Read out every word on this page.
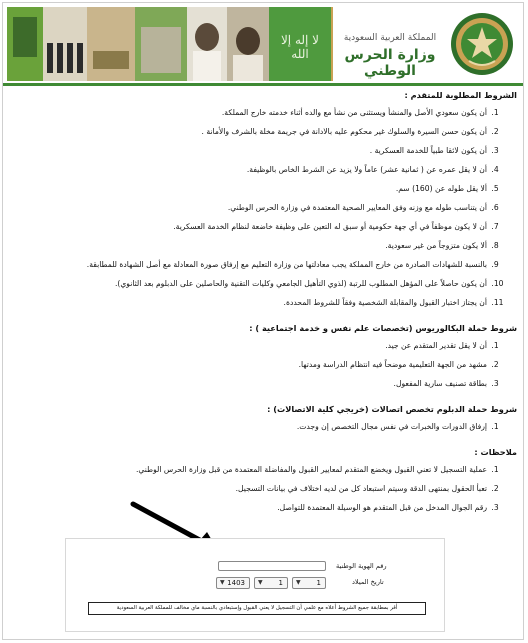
لا إله إلا الله
المملكة العربية السعودية
وزارة الحرس الوطني
الشروط المطلوبة للمتقدم :
1. أن يكون سعودي الأصل والمنشأ ويستثنى من نشأ مع والده أثناء خدمته خارج المملكة.
2. أن يكون حسن السيرة والسلوك غير محكوم عليه بالادانة في جريمة مخلة بالشرف والأمانة .
3. أن يكون لائقا طبياً للخدمة العسكرية .
4. أن لا يقل عمره عن ( ثمانية عشر) عاماً ولا يزيد عن الشرط الخاص بالوظيفة.
5. ألا يقل طوله عن (160) سم.
6. أن يتناسب طوله مع وزنه وفق المعايير الصحية المعتمدة في وزارة الحرس الوطني.
7. أن لا يكون موظفاً في أي جهة حكومية أو سبق له التعين على وظيفة خاضعة لنظام الخدمة العسكرية.
8. ألا يكون متزوجاً من غير سعودية.
9. بالنسبة للشهادات الصادرة من خارج المملكة يجب معادلتها من وزارة التعليم مع إرفاق صورة المعادلة مع أصل الشهادة للمطابقة.
10. أن يكون حاصلاً على المؤهل المطلوب للرتبة (لذوي التأهيل الجامعي وكليات التقنية والحاصلين على الدبلوم بعد الثانوي).
11. أن يجتاز اختبار القبول والمقابلة الشخصية وفقاً للشروط المحددة.
شروط حملة البكالوريوس (تخصصات علم نفس و خدمة اجتماعية ) :
1. أن لا يقل تقدير المتقدم عن جيد.
2. مشهد من الجهة التعليمية موضحاً فيه انتظام الدراسة ومدتها.
3. بطاقة تصنيف سارية المفعول.
شروط حملة الدبلوم تخصص اتصالات (خريجي كلية الاتصالات) :
1. إرفاق الدورات والخبرات في نفس مجال التخصص إن وجدت.
ملاحظات :
1. عملية التسجيل لا تعني القبول ويخضع المتقدم لمعايير القبول والمفاضلة المعتمدة من قبل وزارة الحرس الوطني.
2. تعبأ الحقول بمنتهى الدقة وسيتم استبعاد كل من لديه اختلاف في بيانات التسجيل.
3. رقم الجوال المدخل من قبل المتقدم هو الوسيلة المعتمدة للتواصل.
رقم الهوية الوطنية
تاريخ الميلاد
▼ 1
▼ 1
▼ 1403
أقر بمطابقة جميع الشروط أعلاه مع علمي أن التسجيل لا يعني القبول وإستبعادي بالنسبة ماي مخالف للمملكة العربية السعودية
